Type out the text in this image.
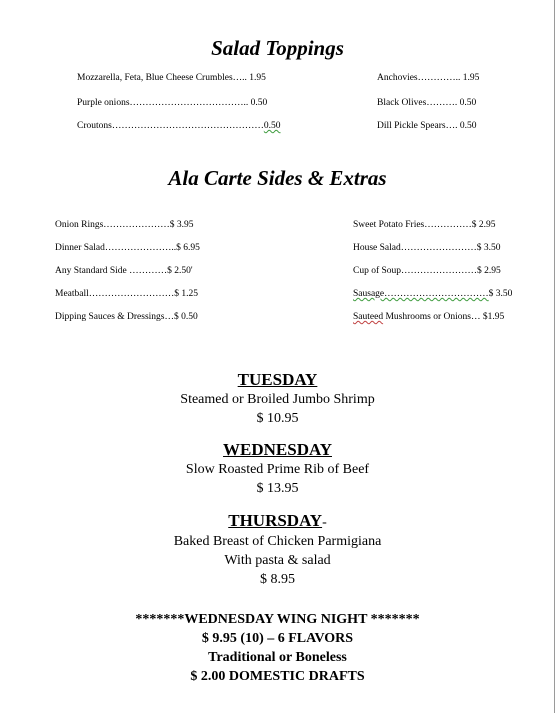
Salad Toppings
Mozzarella, Feta, Blue Cheese Crumbles….. 1.95
Purple onions……………………………….. 0.50
Croutons…………………………………………0.50
Anchovies………….. 1.95
Black Olives………. 0.50
Dill Pickle Spears…. 0.50
Ala Carte Sides & Extras
Onion Rings…………………$ 3.95
Dinner Salad…………………..$ 6.95
Any Standard Side …………$ 2.50'
Meatball………………………$ 1.25
Dipping Sauces & Dressings…$ 0.50
Sweet Potato Fries……………$ 2.95
House Salad……………………$ 3.50
Cup of Soup……………………$ 2.95
Sausage……………………………$ 3.50
Sauteed Mushrooms or Onions… $1.95
TUESDAY
Steamed or Broiled Jumbo Shrimp
$ 10.95
WEDNESDAY
Slow Roasted Prime Rib of Beef
$ 13.95
THURSDAY-
Baked Breast of Chicken Parmigiana
With pasta & salad
$ 8.95
*******WEDNESDAY WING NIGHT *******
$ 9.95 (10) – 6 FLAVORS
Traditional or Boneless
$ 2.00 DOMESTIC DRAFTS
